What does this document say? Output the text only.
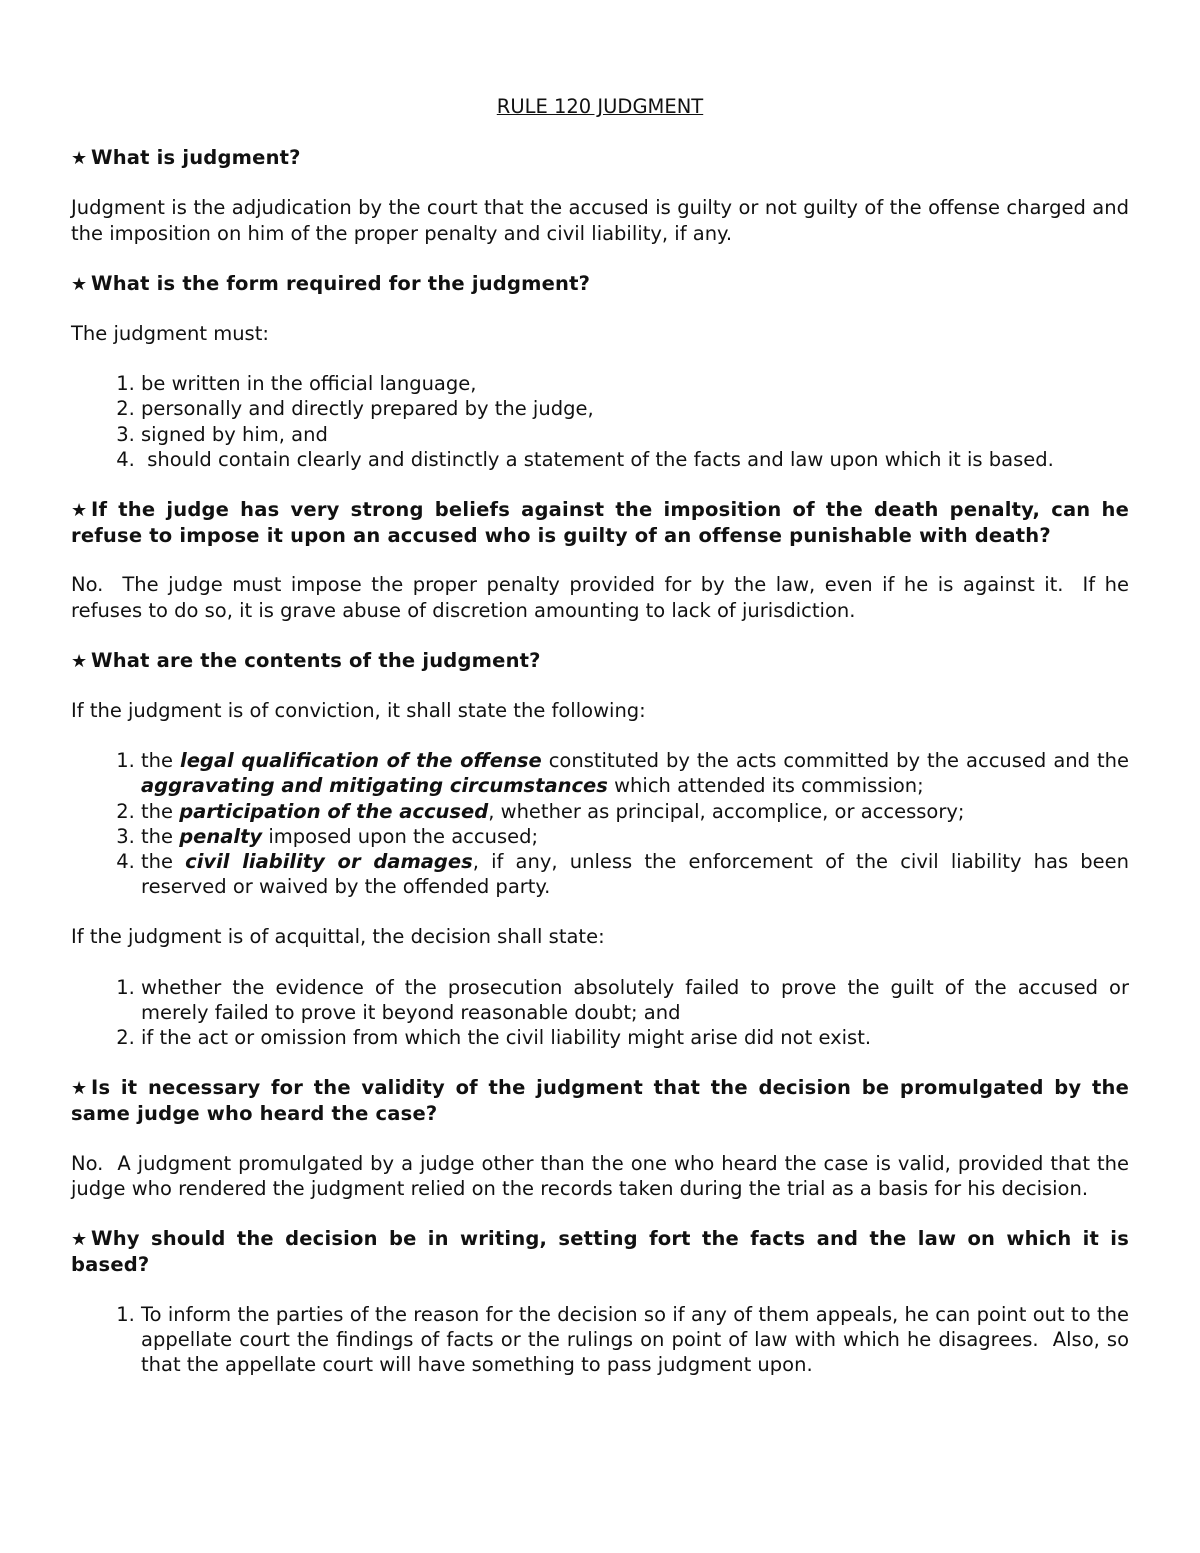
RULE 120 JUDGMENT
★ What is judgment?
Judgment is the adjudication by the court that the accused is guilty or not guilty of the offense charged and the imposition on him of the proper penalty and civil liability, if any.
★ What is the form required for the judgment?
The judgment must:
1. be written in the official language,
2. personally and directly prepared by the judge,
3. signed by him, and
4.  should contain clearly and distinctly a statement of the facts and law upon which it is based.
★ If the judge has very strong beliefs against the imposition of the death penalty, can he refuse to impose it upon an accused who is guilty of an offense punishable with death?
No.  The judge must impose the proper penalty provided for by the law, even if he is against it.  If he refuses to do so, it is grave abuse of discretion amounting to lack of jurisdiction.
★ What are the contents of the judgment?
If the judgment is of conviction, it shall state the following:
1. the legal qualification of the offense constituted by the acts committed by the accused and the aggravating and mitigating circumstances which attended its commission;
2. the participation of the accused, whether as principal, accomplice, or accessory;
3. the penalty imposed upon the accused;
4. the civil liability or damages, if any, unless the enforcement of the civil liability has been reserved or waived by the offended party.
If the judgment is of acquittal, the decision shall state:
1. whether the evidence of the prosecution absolutely failed to prove the guilt of the accused or merely failed to prove it beyond reasonable doubt; and
2. if the act or omission from which the civil liability might arise did not exist.
★ Is it necessary for the validity of the judgment that the decision be promulgated by the same judge who heard the case?
No.  A judgment promulgated by a judge other than the one who heard the case is valid, provided that the judge who rendered the judgment relied on the records taken during the trial as a basis for his decision.
★ Why should the decision be in writing, setting fort the facts and the law on which it is based?
1. To inform the parties of the reason for the decision so if any of them appeals, he can point out to the appellate court the findings of facts or the rulings on point of law with which he disagrees.  Also, so that the appellate court will have something to pass judgment upon.
